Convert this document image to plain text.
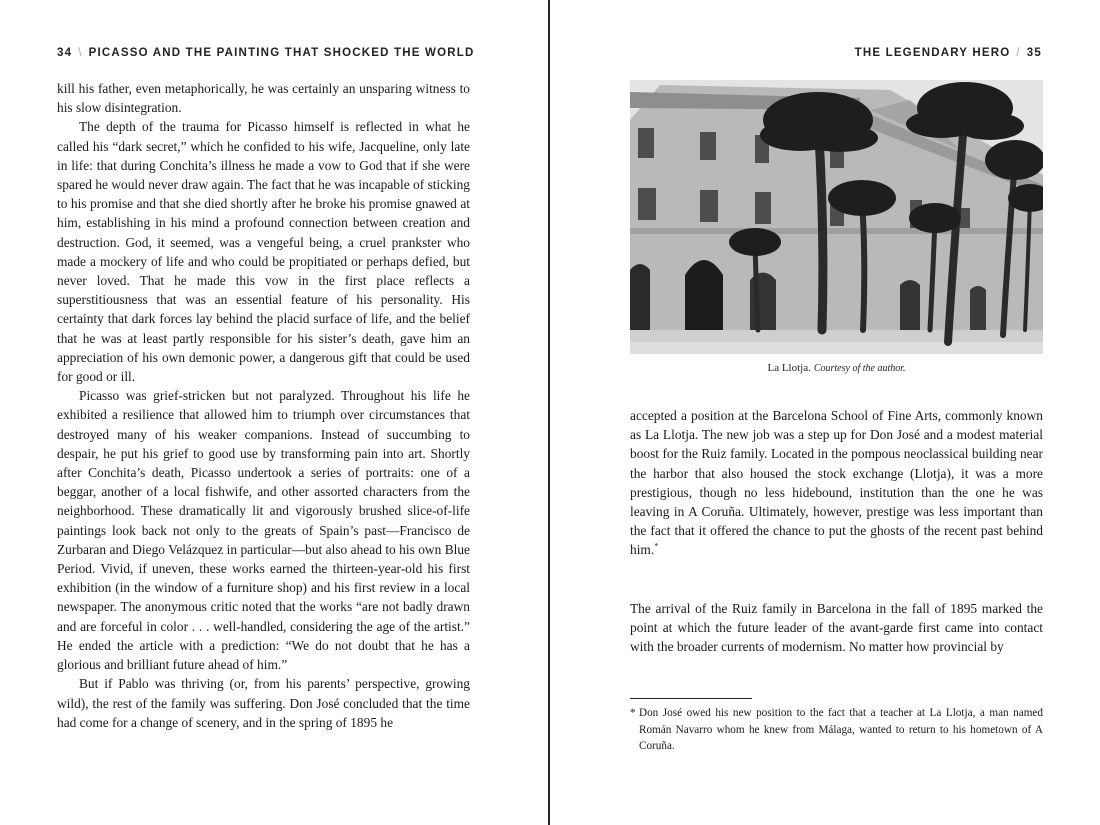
34 \ PICASSO AND THE PAINTING THAT SHOCKED THE WORLD

kill his father, even metaphorically, he was certainly an unsparing witness to his slow disintegration.

The depth of the trauma for Picasso himself is reflected in what he called his “dark secret,” which he confided to his wife, Jacqueline, only late in life: that during Conchita’s illness he made a vow to God that if she were spared he would never draw again. The fact that he was incapable of sticking to his promise and that she died shortly after he broke his promise gnawed at him, establishing in his mind a profound connection between creation and destruction. God, it seemed, was a vengeful being, a cruel prankster who made a mockery of life and who could be propitiated or perhaps defied, but never loved. That he made this vow in the first place reflects a superstitiousness that was an essential feature of his personality. His certainty that dark forces lay behind the placid surface of life, and the belief that he was at least partly responsible for his sister’s death, gave him an appreciation of his own demonic power, a dangerous gift that could be used for good or ill.

Picasso was grief-stricken but not paralyzed. Throughout his life he exhibited a resilience that allowed him to triumph over circumstances that destroyed many of his weaker companions. Instead of succumbing to despair, he put his grief to good use by transforming pain into art. Shortly after Conchita’s death, Picasso undertook a series of portraits: one of a beggar, another of a local fishwife, and other assorted characters from the neighborhood. These dramatically lit and vigorously brushed slice-of-life paintings look back not only to the greats of Spain’s past—Francisco de Zurbaran and Diego Velázquez in particular—but also ahead to his own Blue Period. Vivid, if uneven, these works earned the thirteen-year-old his first exhibition (in the window of a furniture shop) and his first review in a local newspaper. The anonymous critic noted that the works “are not badly drawn and are forceful in color . . . well-handled, considering the age of the artist.” He ended the article with a prediction: “We do not doubt that he has a glorious and brilliant future ahead of him.”

But if Pablo was thriving (or, from his parents’ perspective, growing wild), the rest of the family was suffering. Don José concluded that the time had come for a change of scenery, and in the spring of 1895 he

THE LEGENDARY HERO / 35
La Llotja. Courtesy of the author.

accepted a position at the Barcelona School of Fine Arts, commonly known as La Llotja. The new job was a step up for Don José and a modest material boost for the Ruiz family. Located in the pompous neoclassical building near the harbor that also housed the stock exchange (Llotja), it was a more prestigious, though no less hidebound, institution than the one he was leaving in A Coruña. Ultimately, however, prestige was less important than the fact that it offered the chance to put the ghosts of the recent past behind him.*

The arrival of the Ruiz family in Barcelona in the fall of 1895 marked the point at which the future leader of the avant-garde first came into contact with the broader currents of modernism. No matter how provincial by

* Don José owed his new position to the fact that a teacher at La Llotja, a man named Román Navarro whom he knew from Málaga, wanted to return to his hometown of A Coruña.
